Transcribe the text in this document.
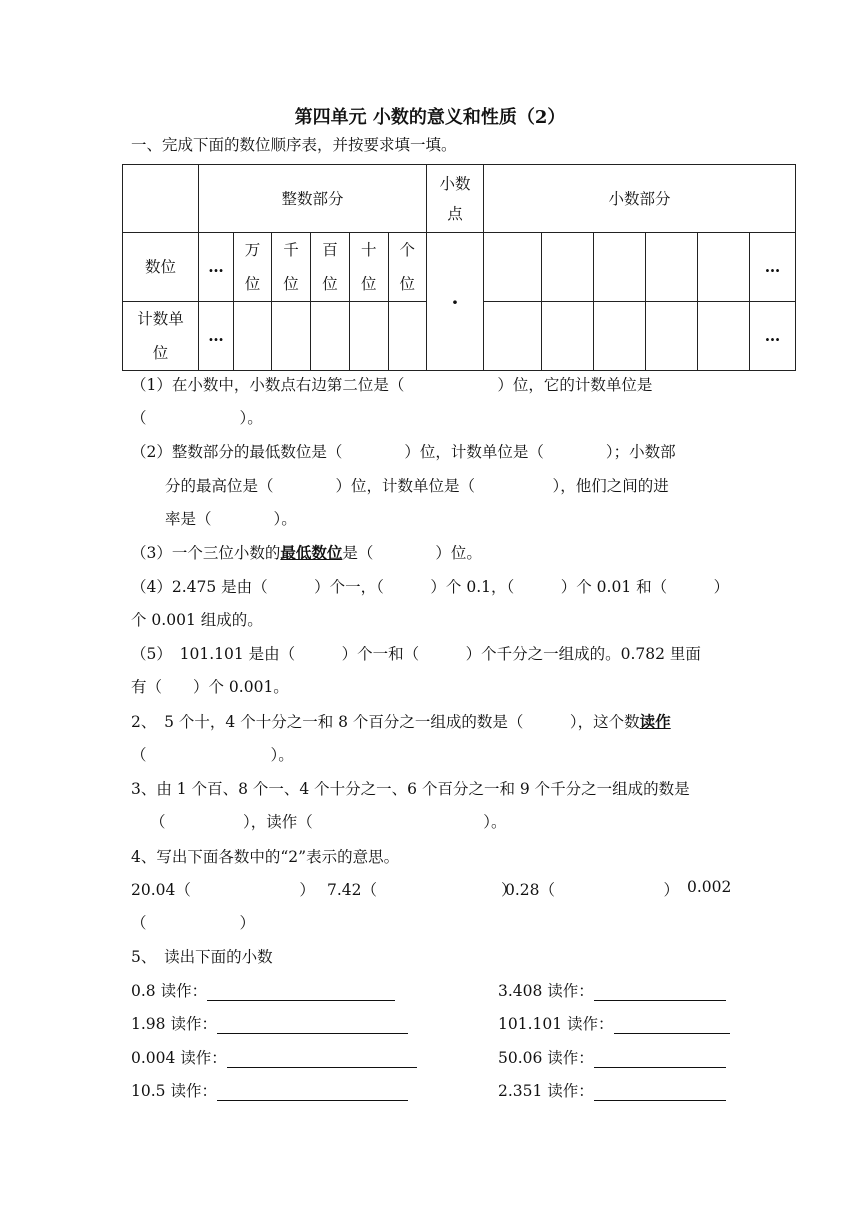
第四单元 小数的意义和性质（2）
一、完成下面的数位顺序表，并按要求填一填。
	整数部分						小数点	小数部分					
数位	…	万位	千位	百位	十位	个位	·						…
计数单位	…												…
（1）在小数中，小数点右边第二位是（　　　　　　）位，它的计数单位是
（　　　　　　）。
（2）整数部分的最低数位是（　　　　）位，计数单位是（　　　　）；小数部
分的最高位是（　　　　）位，计数单位是（　　　　　），他们之间的进
率是（　　　　）。
（3）一个三位小数的最低数位是（　　　　）位。
（4）2.475 是由（　　　）个一，（　　　）个 0.1，（　　　）个 0.01 和（　　　）
个 0.001 组成的。
（5）　101.101 是由（　　　）个一和（　　　）个千分之一组成的。0.782 里面
有（　　）个 0.001。
2、　5 个十，4 个十分之一和 8 个百分之一组成的数是（　　　），这个数读作
（　　　　　　　　）。
3、由 1 个百、8 个一、4 个十分之一、6 个百分之一和 9 个千分之一组成的数是
（　　　　　），读作（　　　　　　　　　　　）。
4、写出下面各数中的“2”表示的意思。
20.04（　　　　　　　） 7.42（　　　　　　　　）
0.28（　　　　　　　） 0.002
（　　　　　　）
5、　读出下面的小数
0.8 读作：
1.98 读作：
0.004 读作：
10.5 读作：
3.408 读作：
101.101 读作：
50.06 读作：
2.351 读作：
